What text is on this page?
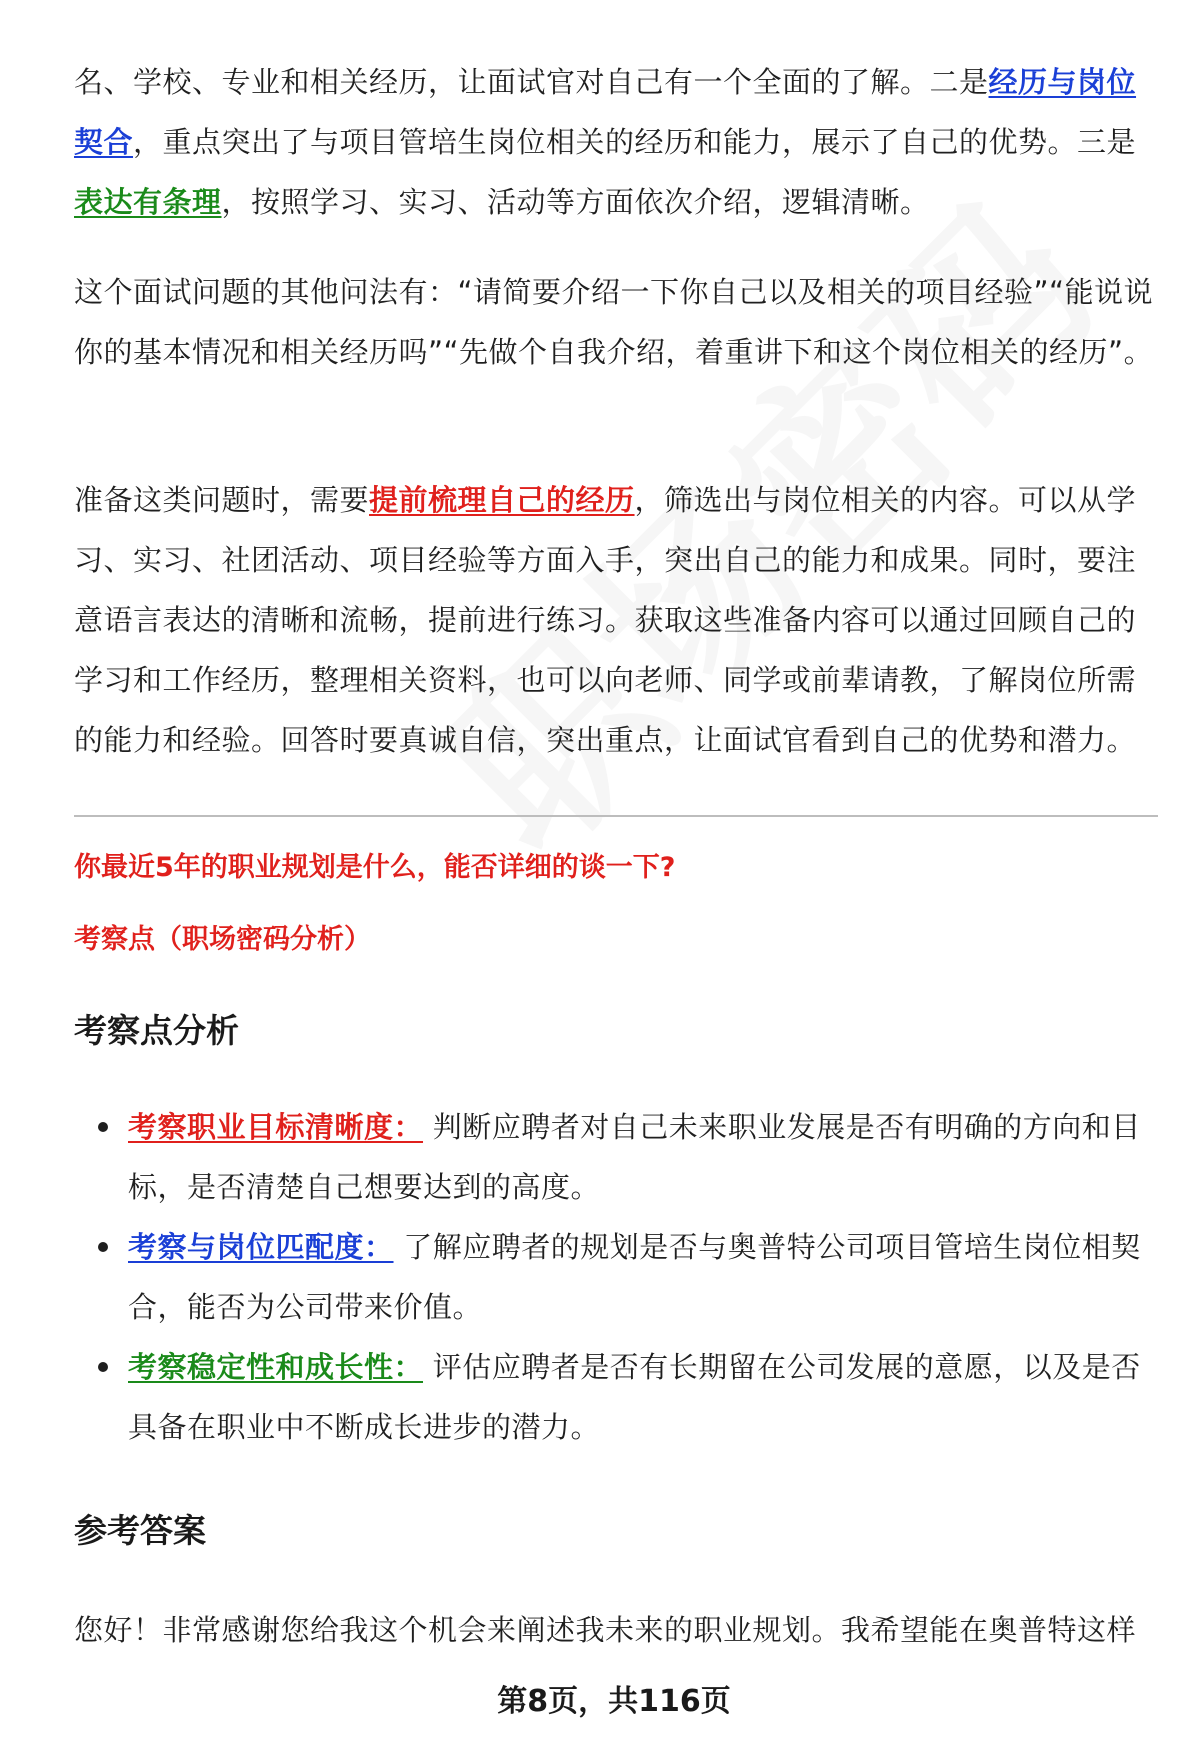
名、学校、专业和相关经历，让面试官对自己有一个全面的了解。二是经历与岗位契合，重点突出了与项目管培生岗位相关的经历和能力，展示了自己的优势。三是表达有条理，按照学习、实习、活动等方面依次介绍，逻辑清晰。

这个面试问题的其他问法有：“请简要介绍一下你自己以及相关的项目经验”“能说说你的基本情况和相关经历吗”“先做个自我介绍，着重讲下和这个岗位相关的经历”。

准备这类问题时，需要提前梳理自己的经历，筛选出与岗位相关的内容。可以从学习、实习、社团活动、项目经验等方面入手，突出自己的能力和成果。同时，要注意语言表达的清晰和流畅，提前进行练习。获取这些准备内容可以通过回顾自己的学习和工作经历，整理相关资料，也可以向老师、同学或前辈请教，了解岗位所需的能力和经验。回答时要真诚自信，突出重点，让面试官看到自己的优势和潜力。

你最近5年的职业规划是什么，能否详细的谈一下?

考察点（职场密码分析）

考察点分析
考察职业目标清晰度： 判断应聘者对自己未来职业发展是否有明确的方向和目标，是否清楚自己想要达到的高度。
考察与岗位匹配度： 了解应聘者的规划是否与奥普特公司项目管培生岗位相契合，能否为公司带来价值。
考察稳定性和成长性： 评估应聘者是否有长期留在公司发展的意愿，以及是否具备在职业中不断成长进步的潜力。
参考答案

您好！非常感谢您给我这个机会来阐述我未来的职业规划。我希望能在奥普特这样

第8页，共116页
